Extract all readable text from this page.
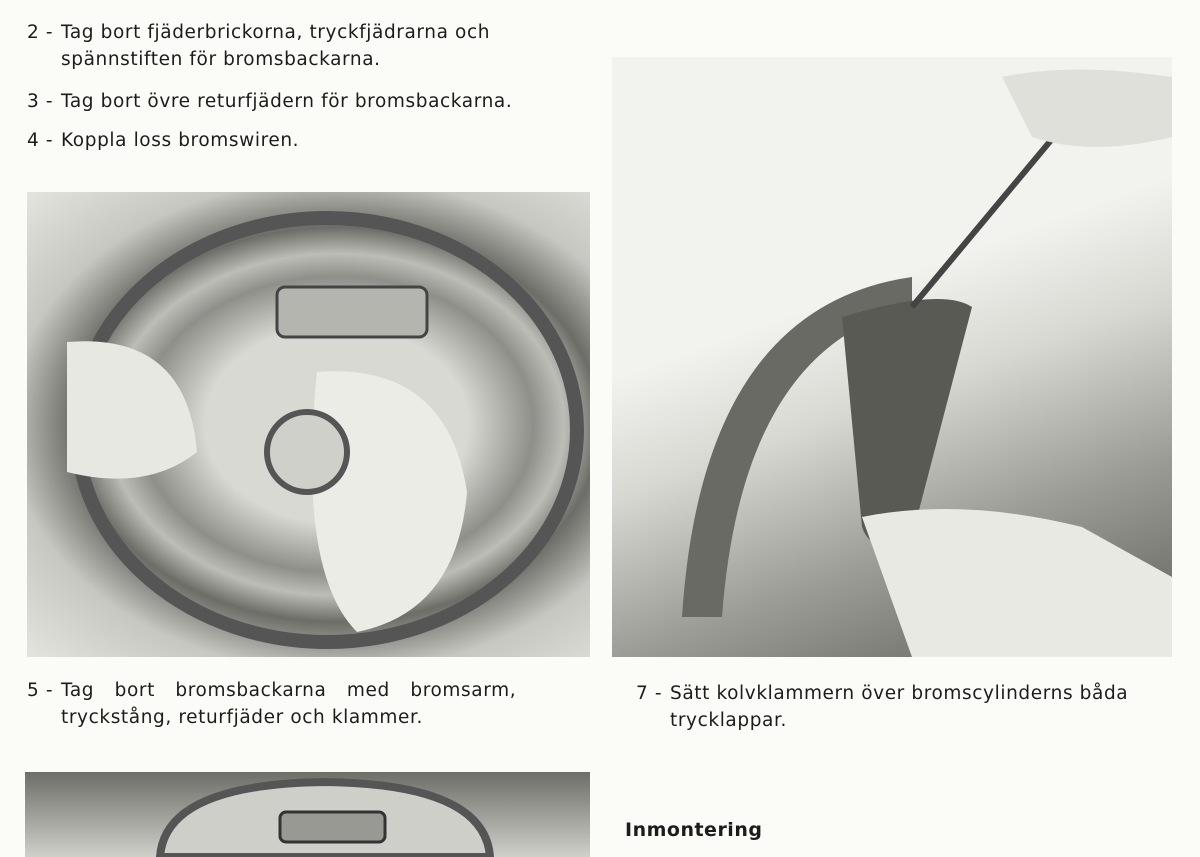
2 - Tag bort fjäderbrickorna, tryckfjädrarna och
spännstiften för bromsbackarna.
3 - Tag bort övre returfjädern för bromsbackarna.
4 - Koppla loss bromswiren.
5 - Tag bort bromsbackarna med bromsarm,
tryckstång, returfjäder och klammer.
7 - Sätt kolvklammern över bromscylinderns båda
trycklappar.
Inmontering
